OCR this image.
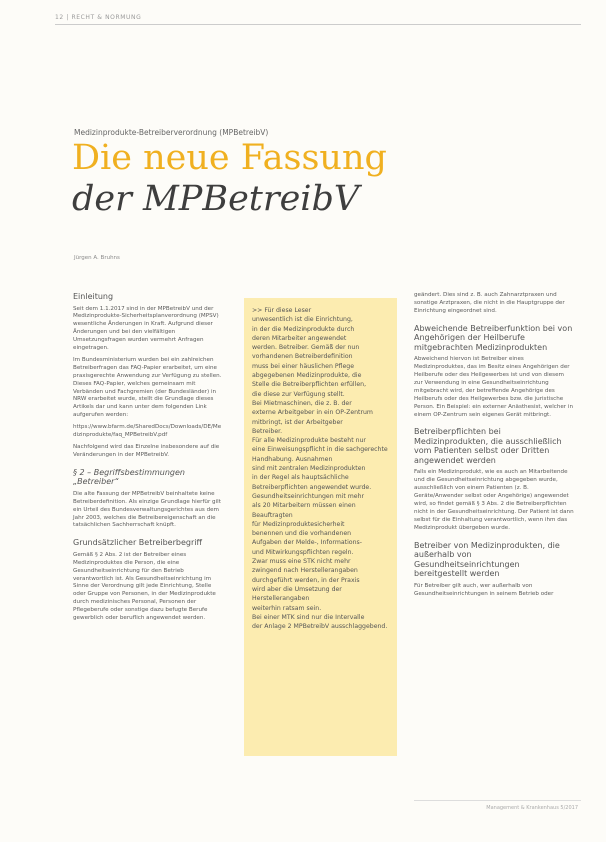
12 | RECHT & NORMUNG
Medizinprodukte-Betreiberverordnung (MPBetreibV)
Die neue Fassung
der MPBetreibV
Jürgen A. Bruhns
Einleitung

Seit dem 1.1.2017 sind in der MPBetreibV und der Medizinprodukte-Sicherheitsplanverordnung (MPSV) wesentliche Änderungen in Kraft. Aufgrund dieser Änderungen und bei den vielfältigen Umsetzungsfragen wurden vermehrt Anfragen eingetragen.

Im Bundesministerium wurden bei ein zahlreichen Betreiberfragen das FAQ-Papier erarbeitet, um eine praxisgerechte Anwendung zur Verfügung zu stellen. Dieses FAQ-Papier, welches gemeinsam mit Verbänden und Fachgremien (der Bundesländer) in NRW erarbeitet wurde, stellt die Grundlage dieses Artikels dar und kann unter dem folgenden Link aufgerufen werden:

https://www.bfarm.de/SharedDocs/Downloads/DE/Medizinprodukte/faq_MPBetreibV.pdf

Nachfolgend wird das Einzelne insbesondere auf die Veränderungen in der MPBetreibV.

§ 2 – Begriffsbestimmungen „Betreiber“

Die alte Fassung der MPBetreibV beinhaltete keine Betreiberdefinition. Als einzige Grundlage hierfür gilt ein Urteil des Bundesverwaltungsgerichtes aus dem Jahr 2003, welches die Betreibereigenschaft an die tatsächlichen Sachherrschaft knüpft.

Grundsätzlicher Betreiberbegriff

Gemäß § 2 Abs. 2 ist der Betreiber eines Medizinproduktes die Person, die eine Gesundheitseinrichtung für den Betrieb verantwortlich ist. Als Gesundheitseinrichtung im Sinne der Verordnung gilt jede Einrichtung, Stelle oder Gruppe von Personen, in der Medizinprodukte durch medizinisches Personal, Personen der Pflegeberufe oder sonstige dazu befugte Berufe gewerblich oder beruflich angewendet werden.

>> Für diese Leser
unwesentlich ist die Einrichtung,
in der die Medizinprodukte durch
deren Mitarbeiter angewendet
werden. Betreiber. Gemäß der nun
vorhandenen Betreiberdefinition
muss bei einer häuslichen Pflege
abgegebenen Medizinprodukte, die
Stelle die Betreiberpflichten erfüllen,
die diese zur Verfügung stellt.
Bei Mietmaschinen, die z. B. der
externe Arbeitgeber in ein OP-Zentrum
mitbringt, ist der Arbeitgeber
Betreiber.
Für alle Medizinprodukte besteht nur
eine Einweisungspflicht in die sachgerechte
Handhabung. Ausnahmen
sind mit zentralen Medizinprodukten
in der Regel als hauptsächliche
Betreiberpflichten angewendet wurde.
Gesundheitseinrichtungen mit mehr
als 20 Mitarbeitern müssen einen Beauftragten
für Medizinproduktesicherheit
benennen und die vorhandenen
Aufgaben der Melde-, Informations-
und Mitwirkungspflichten regeln.
Zwar muss eine STK nicht mehr
zwingend nach Herstellerangaben
durchgeführt werden, in der Praxis
wird aber die Umsetzung der Herstellerangaben
weiterhin ratsam sein.
Bei einer MTK sind nur die Intervalle
der Anlage 2 MPBetreibV ausschlaggebend.

geändert. Dies sind z. B. auch Zahnarztpraxen und sonstige Arztpraxen, die nicht in die Hauptgruppe der Einrichtung eingeordnet sind.

Abweichende Betreiberfunktion bei von Angehörigen der Heilberufe mitgebrachten Medizinprodukten

Abweichend hiervon ist Betreiber eines Medizinproduktes, das im Besitz eines Angehörigen der Heilberufe oder des Heilgewerbes ist und von diesem zur Verwendung in eine Gesundheitseinrichtung mitgebracht wird, der betreffende Angehörige des Heilberufs oder des Heilgewerbes bzw. die juristische Person. Ein Beispiel: ein externer Anästhesist, welcher in einem OP-Zentrum sein eigenes Gerät mitbringt.

Betreiberpflichten bei Medizinprodukten, die ausschließlich vom Patienten selbst oder Dritten angewendet werden

Falls ein Medizinprodukt, wie es auch an Mitarbeitende und die Gesundheitseinrichtung abgegeben wurde, ausschließlich von einem Patienten (z. B. Geräte/Anwender selbst oder Angehörige) angewendet wird, so findet gemäß § 3 Abs. 2 die Betreiberpflichten nicht in der Gesundheitseinrichtung. Der Patient ist dann selbst für die Einhaltung verantwortlich, wenn ihm das Medizinprodukt übergeben wurde.

Betreiber von Medizinprodukten, die außerhalb von Gesundheitseinrichtungen bereitgestellt werden

Für Betreiber gilt auch, wer außerhalb von Gesundheitseinrichtungen in seinem Betrieb oder

Management & Krankenhaus 5/2017
